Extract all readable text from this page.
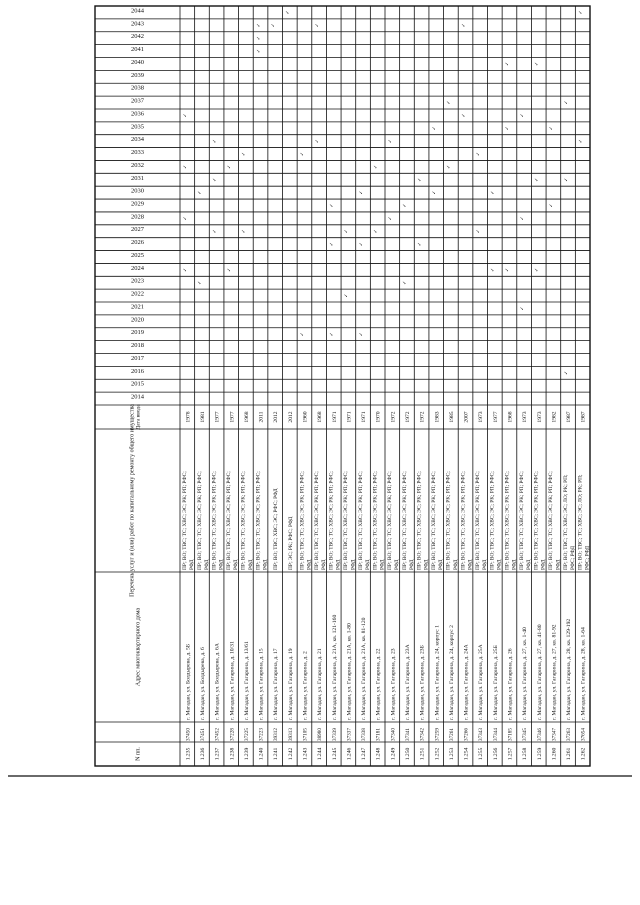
N пп.
Адрес многоквартирного дома
Перечень услуг и (или) работ по капитальному ремонту общего имущества Дата ввода
2014
2015
2016
2017
2018
2019
2020
2021
2022
2023
2024
2025
2026
2027
2028
2029
2030
2031
2032
2033
2034
2035
2036
2037
2038
2039
2040
2041
2042
2043
2044
1.235
37450
г. Магадан, ул. Болдырева, д. 5Б
ПР; ВО; ТВС; ТС; ХВС; ЭС; РК; РП; РФС; РФД
1978
✓
✓
✓
✓
1.236
37451
г. Магадан, ул. Болдырева, д. 6
ПР; ВО; ТВС; ТС; ХВС; ЭС; РК; РП; РФС; РФД
1981
✓
✓
1.237
37452
г. Магадан, ул. Болдырева, д. 6А
ПР; ВО; ТВС; ТС; ХВС; ЭС; РК; РП; РФС; РФД
1977
✓
✓
✓
1.238
37228
г. Магадан, ул. Гагарина, д. 10/31
ПР; ВО; ТВС; ТС; ХВС; ЭС; РК; РП; РФС; РФД
1977
✓
✓
1.239
37225
г. Магадан, ул. Гагарина, д. 13/61
ПР; ВО; ТВС; ТС; ХВС; ЭС; РК; РП; РФС; РФД
1968
✓
✓
1.240
37223
г. Магадан, ул. Гагарина, д. 15
ПР; ВО; ТВС; ТС; ХВС; ЭС; РК; РП; РФС; РФД
2011
✓
✓
✓
1.241
39312
г. Магадан, ул. Гагарина, д. 17
ПР; ВО; ТВС; ХВС; ЭС; РФС; РФД
2012
✓
1.242
39313
г. Магадан, ул. Гагарина, д. 19
ПР; ЭС; РК; РФС; РФД
2012
✓
1.243
37105
г. Магадан, ул. Гагарина, д. 2
ПР; ВО; ТВС; ТС; ХВС; ЭС; РК; РП; РФС; РФД
1960
✓
✓
1.244
38980
г. Магадан, ул. Гагарина, д. 21
ПР; ВО; ТВС; ТС; ХВС; ЭС; РК; РП; РФС; РФД
1968
✓
✓
1.245
37339
г. Магадан, ул. Гагарина, д. 21А, кв. 121-160
ПР; ВО; ТВС; ТС; ХВС; ЭС; РК; РП; РФС; РФД
1971
✓
✓
✓
1.246
37337
г. Магадан, ул. Гагарина, д. 21А, кв. 1-80
ПР; ВО; ТВС; ТС; ХВС; ЭС; РК; РП; РФС; РФД
1971
✓
✓
1.247
37338
г. Магадан, ул. Гагарина, д. 21А, кв. 81-120
ПР; ВО; ТВС; ТС; ХВС; ЭС; РК; РП; РФС; РФД
1971
✓
✓
✓
1.248
37181
г. Магадан, ул. Гагарина, д. 22
ПР; ВО; ТВС; ТС; ХВС; ЭС; РК; РП; РФС; РФД
1970
✓
✓
1.249
37340
г. Магадан, ул. Гагарина, д. 23
ПР; ВО; ТВС; ТС; ХВС; ЭС; РК; РП; РФС; РФД
1972
✓
✓
1.250
37341
г. Магадан, ул. Гагарина, д. 23А
ПР; ВО; ТВС; ТС; ХВС; ЭС; РК; РП; РФС; РФД
1972
✓
✓
1.251
37342
г. Магадан, ул. Гагарина, д. 23Б
ПР; ВО; ТВС; ТС; ХВС; ЭС; РК; РП; РФС; РФД
1972
✓
✓
1.252
37259
г. Магадан, ул. Гагарина, д. 24, корпус 1
ПР; ВО; ТВС; ТС; ХВС; ЭС; РК; РП; РФС; РФД
1983
✓
✓
1.253
37261
г. Магадан, ул. Гагарина, д. 24, корпус 2
ПР; ВО; ТВС; ТС; ХВС; ЭС; РК; РП; РФС; РФД
1985
✓
✓
1.254
37266
г. Магадан, ул. Гагарина, д. 24А
ПР; ВО; ТВС; ТС; ХВС; ЭС; РК; РП; РФС; РФД
2007
✓
✓
1.255
37343
г. Магадан, ул. Гагарина, д. 25А
ПР; ВО; ТВС; ТС; ХВС; ЭС; РК; РП; РФС; РФД
1973
✓
✓
1.256
37344
г. Магадан, ул. Гагарина, д. 25Б
ПР; ВО; ТВС; ТС; ХВС; ЭС; РК; РП; РФС; РФД
1977
✓
✓
1.257
37185
г. Магадан, ул. Гагарина, д. 26
ПР; ВО; ТВС; ТС; ХВС; ЭС; РК; РП; РФС; РФД
1968
✓
✓
✓
1.258
37345
г. Магадан, ул. Гагарина, д. 27, кв. 1-40
ПР; ВО; ТВС; ТС; ХВС; ЭС; РК; РП; РФС; РФД
1973
✓
✓
✓
1.259
37346
г. Магадан, ул. Гагарина, д. 27, кв. 41-80
ПР; ВО; ТВС; ТС; ХВС; ЭС; РК; РП; РФС; РФД
1973
✓
✓
✓
1.260
37347
г. Магадан, ул. Гагарина, д. 27, кв. 81-92
ПР; ВО; ТВС; ТС; ХВС; ЭС; РК; РП; РФС; РФД
1982
✓
✓
1.261
37263
г. Магадан, ул. Гагарина, д. 28, кв. 129-192
ПР; ВО; ТВС; ТС; ХВС; ЭС; ЛО; РК; РП; РФС; РФД
1987
✓
✓
✓
1.262
37654
г. Магадан, ул. Гагарина, д. 28, кв. 1-64
ПР; ВО; ТВС; ТС; ХВС; ЭС; ЛО; РК; РП; РФС; РФД
1987
✓
✓
